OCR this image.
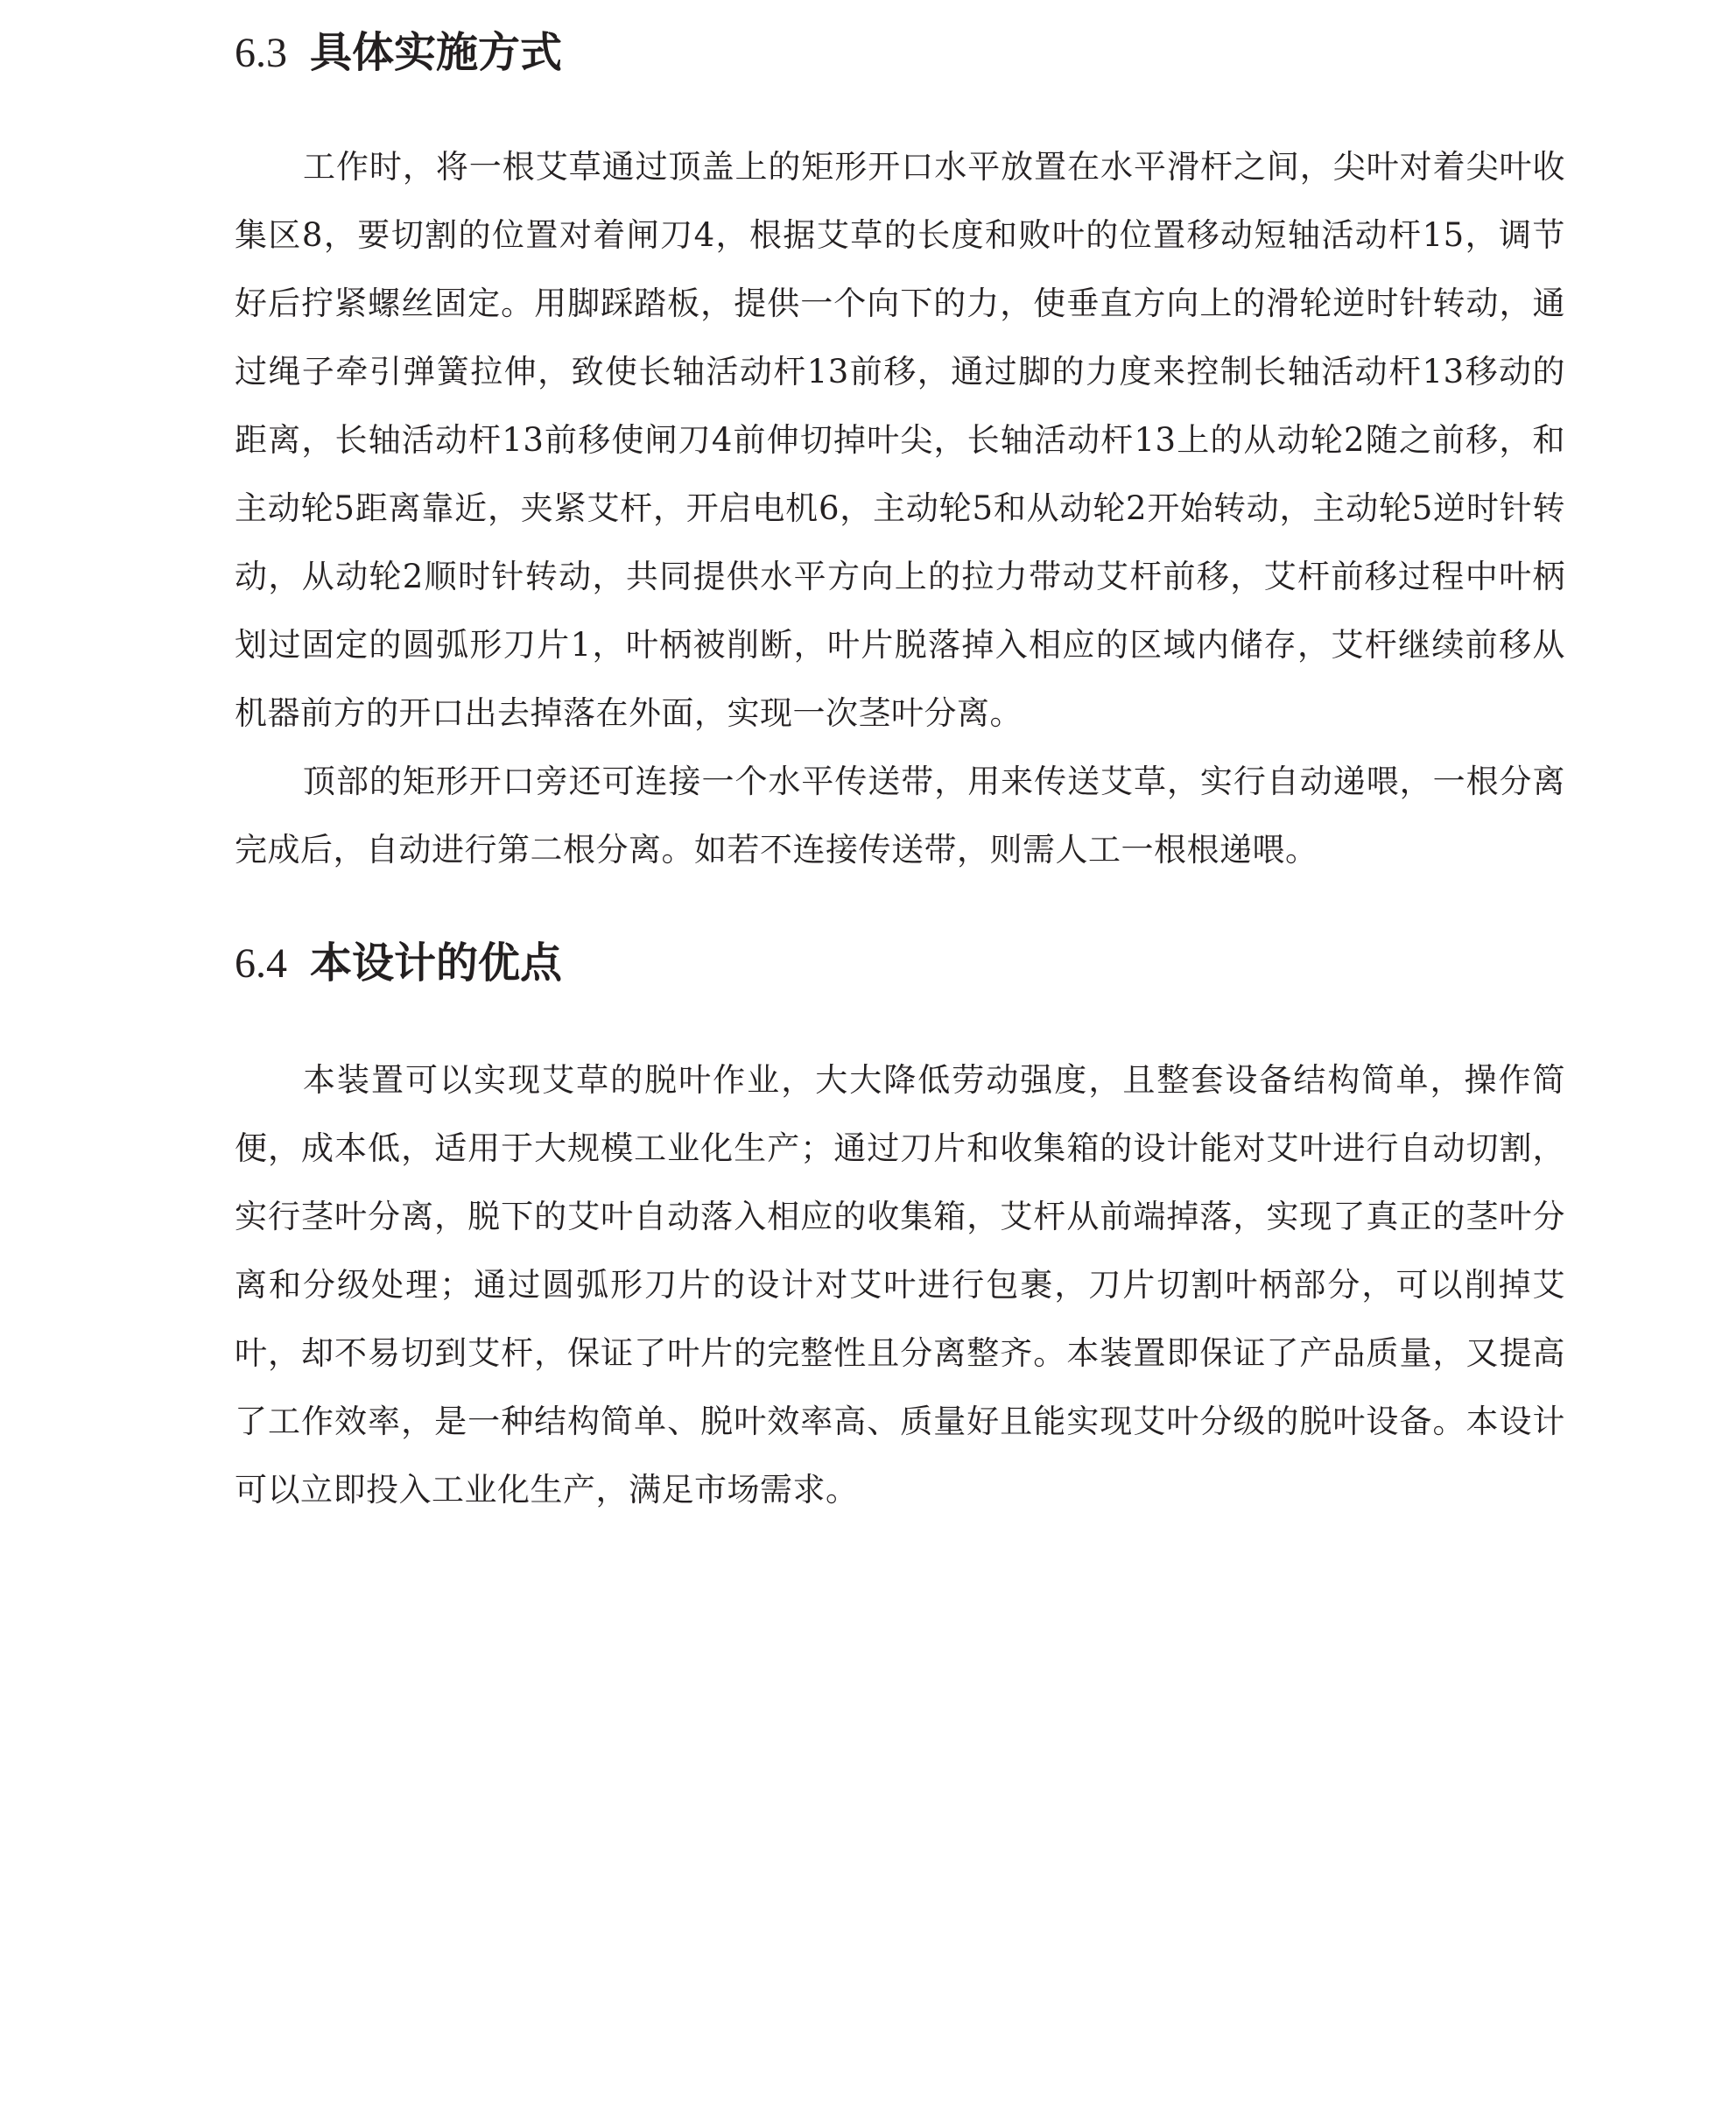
6.3 具体实施方式

工作时，将一根艾草通过顶盖上的矩形开口水平放置在水平滑杆之间，尖叶对着尖叶收集区8，要切割的位置对着闸刀4，根据艾草的长度和败叶的位置移动短轴活动杆15，调节好后拧紧螺丝固定。用脚踩踏板，提供一个向下的力，使垂直方向上的滑轮逆时针转动，通过绳子牵引弹簧拉伸，致使长轴活动杆13前移，通过脚的力度来控制长轴活动杆13移动的距离，长轴活动杆13前移使闸刀4前伸切掉叶尖，长轴活动杆13上的从动轮2随之前移，和主动轮5距离靠近，夹紧艾杆，开启电机6，主动轮5和从动轮2开始转动，主动轮5逆时针转动，从动轮2顺时针转动，共同提供水平方向上的拉力带动艾杆前移，艾杆前移过程中叶柄划过固定的圆弧形刀片1，叶柄被削断，叶片脱落掉入相应的区域内储存，艾杆继续前移从机器前方的开口出去掉落在外面，实现一次茎叶分离。

顶部的矩形开口旁还可连接一个水平传送带，用来传送艾草，实行自动递喂，一根分离完成后，自动进行第二根分离。如若不连接传送带，则需人工一根根递喂。

6.4 本设计的优点

本装置可以实现艾草的脱叶作业，大大降低劳动强度，且整套设备结构简单，操作简便，成本低，适用于大规模工业化生产；通过刀片和收集箱的设计能对艾叶进行自动切割，实行茎叶分离，脱下的艾叶自动落入相应的收集箱，艾杆从前端掉落，实现了真正的茎叶分离和分级处理；通过圆弧形刀片的设计对艾叶进行包裹，刀片切割叶柄部分，可以削掉艾叶，却不易切到艾杆，保证了叶片的完整性且分离整齐。本装置即保证了产品质量，又提高了工作效率，是一种结构简单、脱叶效率高、质量好且能实现艾叶分级的脱叶设备。本设计可以立即投入工业化生产，满足市场需求。
